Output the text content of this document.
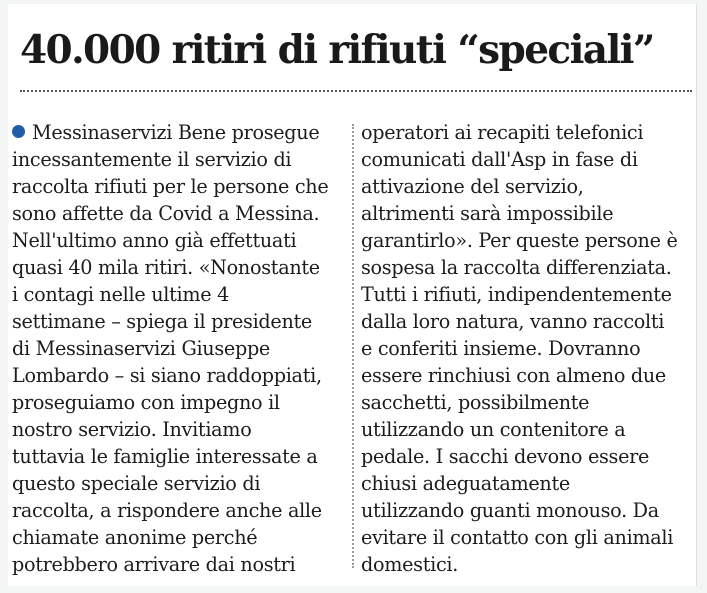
40.000 ritiri di rifiuti “speciali”
Messinaservizi Bene prosegue
incessantemente il servizio di
raccolta rifiuti per le persone che
sono affette da Covid a Messina.
Nell'ultimo anno già effettuati
quasi 40 mila ritiri. «Nonostante
i contagi nelle ultime 4
settimane – spiega il presidente
di Messinaservizi Giuseppe
Lombardo – si siano raddoppiati,
proseguiamo con impegno il
nostro servizio. Invitiamo
tuttavia le famiglie interessate a
questo speciale servizio di
raccolta, a rispondere anche alle
chiamate anonime perché
potrebbero arrivare dai nostri
operatori ai recapiti telefonici
comunicati dall'Asp in fase di
attivazione del servizio,
altrimenti sarà impossibile
garantirlo». Per queste persone è
sospesa la raccolta differenziata.
Tutti i rifiuti, indipendentemente
dalla loro natura, vanno raccolti
e conferiti insieme. Dovranno
essere rinchiusi con almeno due
sacchetti, possibilmente
utilizzando un contenitore a
pedale. I sacchi devono essere
chiusi adeguatamente
utilizzando guanti monouso. Da
evitare il contatto con gli animali
domestici.
